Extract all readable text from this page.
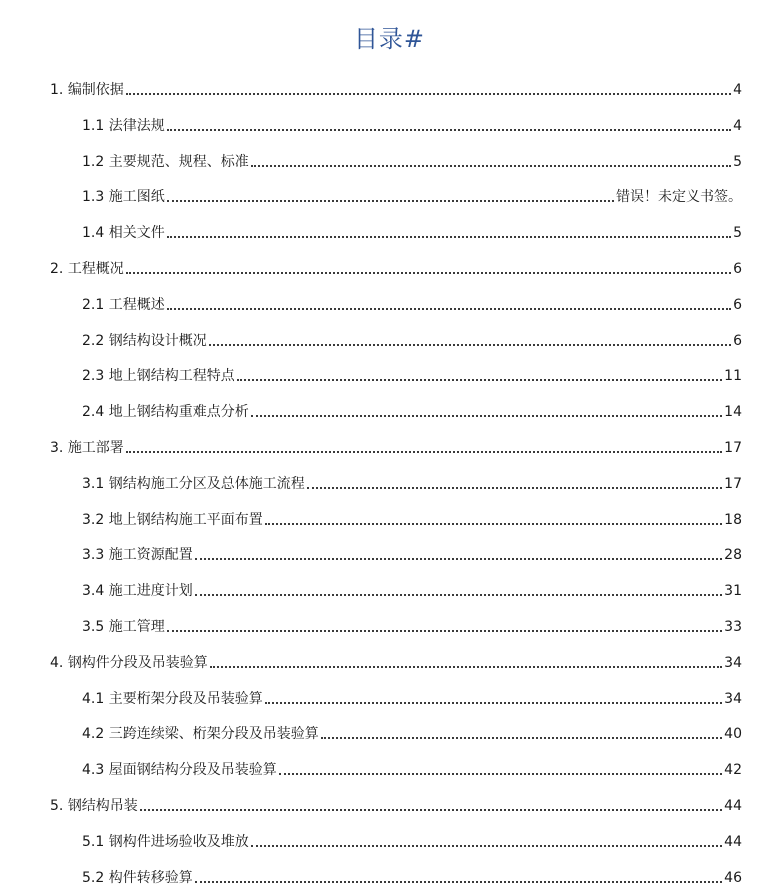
目录#
1. 编制依据	4
1.1 法律法规	4
1.2 主要规范、规程、标准	5
1.3 施工图纸	错误！未定义书签。
1.4 相关文件	5
2. 工程概况	6
2.1 工程概述	6
2.2 钢结构设计概况	6
2.3 地上钢结构工程特点	11
2.4 地上钢结构重难点分析	14
3. 施工部署	17
3.1 钢结构施工分区及总体施工流程	17
3.2 地上钢结构施工平面布置	18
3.3 施工资源配置	28
3.4 施工进度计划	31
3.5 施工管理	33
4. 钢构件分段及吊装验算	34
4.1 主要桁架分段及吊装验算	34
4.2 三跨连续梁、桁架分段及吊装验算	40
4.3 屋面钢结构分段及吊装验算	42
5. 钢结构吊装	44
5.1 钢构件进场验收及堆放	44
5.2 构件转移验算	46
